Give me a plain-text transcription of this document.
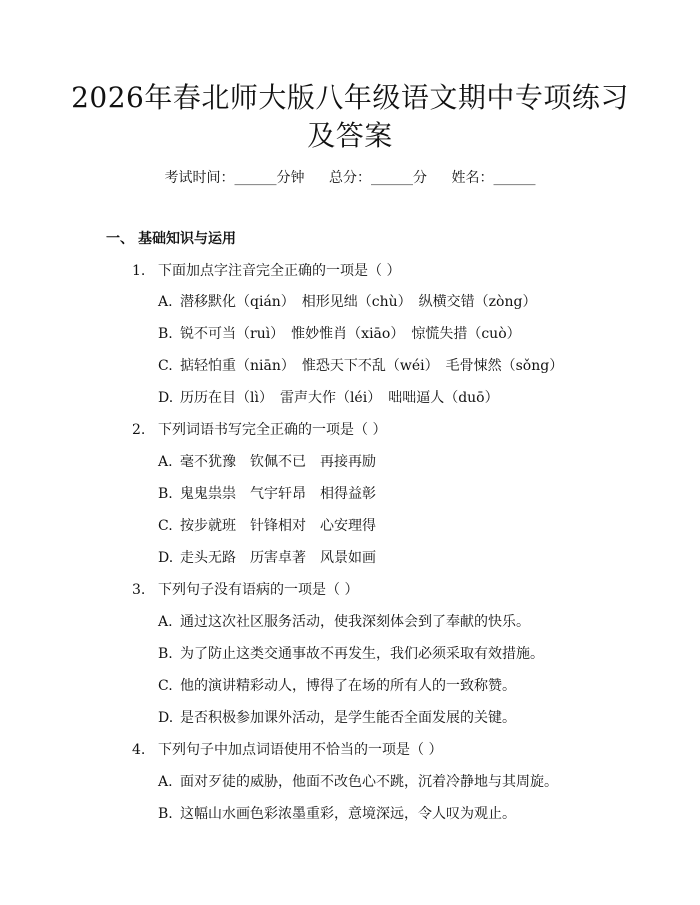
2026年春北师大版八年级语文期中专项练习
及答案
考试时间：______分钟 总分：______分 姓名：______
一、 基础知识与运用
1. 下面加点字注音完全正确的一项是（ ）
A. 潜移默化（qián）　相形见绌（chù）　纵横交错（zòng）
B. 锐不可当（ruì）　惟妙惟肖（xiāo）　惊慌失措（cuò）
C. 掂轻怕重（niān）　惟恐天下不乱（wéi）　毛骨悚然（sǒng）
D. 历历在目（lì）　雷声大作（léi）　咄咄逼人（duō）
2. 下列词语书写完全正确的一项是（ ）
A. 毫不犹豫　钦佩不已　再接再励
B. 鬼鬼祟祟　气宇轩昂　相得益彰
C. 按步就班　针锋相对　心安理得
D. 走头无路　历害卓著　风景如画
3. 下列句子没有语病的一项是（ ）
A. 通过这次社区服务活动，使我深刻体会到了奉献的快乐。
B. 为了防止这类交通事故不再发生，我们必须采取有效措施。
C. 他的演讲精彩动人，博得了在场的所有人的一致称赞。
D. 是否积极参加课外活动，是学生能否全面发展的关键。
4. 下列句子中加点词语使用不恰当的一项是（ ）
A. 面对歹徒的威胁，他面不改色心不跳，沉着冷静地与其周旋。
B. 这幅山水画色彩浓墨重彩，意境深远，令人叹为观止。
